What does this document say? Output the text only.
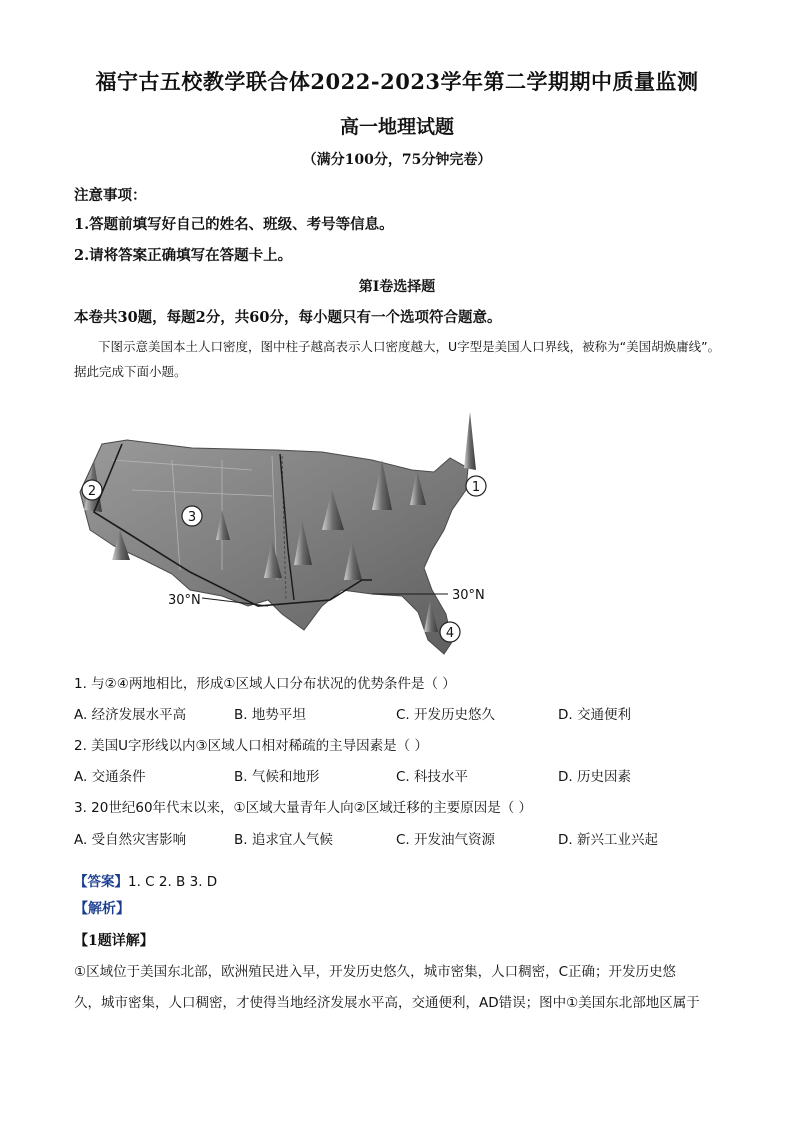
福宁古五校教学联合体2022-2023学年第二学期期中质量监测
高一地理试题
（满分100分，75分钟完卷）
注意事项：
1.答题前填写好自己的姓名、班级、考号等信息。
2.请将答案正确填写在答题卡上。
第Ⅰ卷选择题
本卷共30题，每题2分，共60分，每小题只有一个选项符合题意。
下图示意美国本土人口密度，图中柱子越高表示人口密度越大，U字型是美国人口界线，被称为“美国胡焕庸线”。据此完成下面小题。
30°N	30°N
1
2
3
4
1. 与②④两地相比，形成①区域人口分布状况的优势条件是（ ）
A. 经济发展水平高	B. 地势平坦	C. 开发历史悠久	D. 交通便利
2. 美国U字形线以内③区域人口相对稀疏的主导因素是（ ）
A. 交通条件	B. 气候和地形	C. 科技水平	D. 历史因素
3. 20世纪60年代末以来，①区域大量青年人向②区域迁移的主要原因是（ ）
A. 受自然灾害影响	B. 追求宜人气候	C. 开发油气资源	D. 新兴工业兴起
【答案】1. C 2. B 3. D
【解析】
【1题详解】
①区域位于美国东北部，欧洲殖民进入早，开发历史悠久，城市密集，人口稠密，C正确；开发历史悠
久，城市密集，人口稠密，才使得当地经济发展水平高，交通便利，AD错误；图中①美国东北部地区属于
